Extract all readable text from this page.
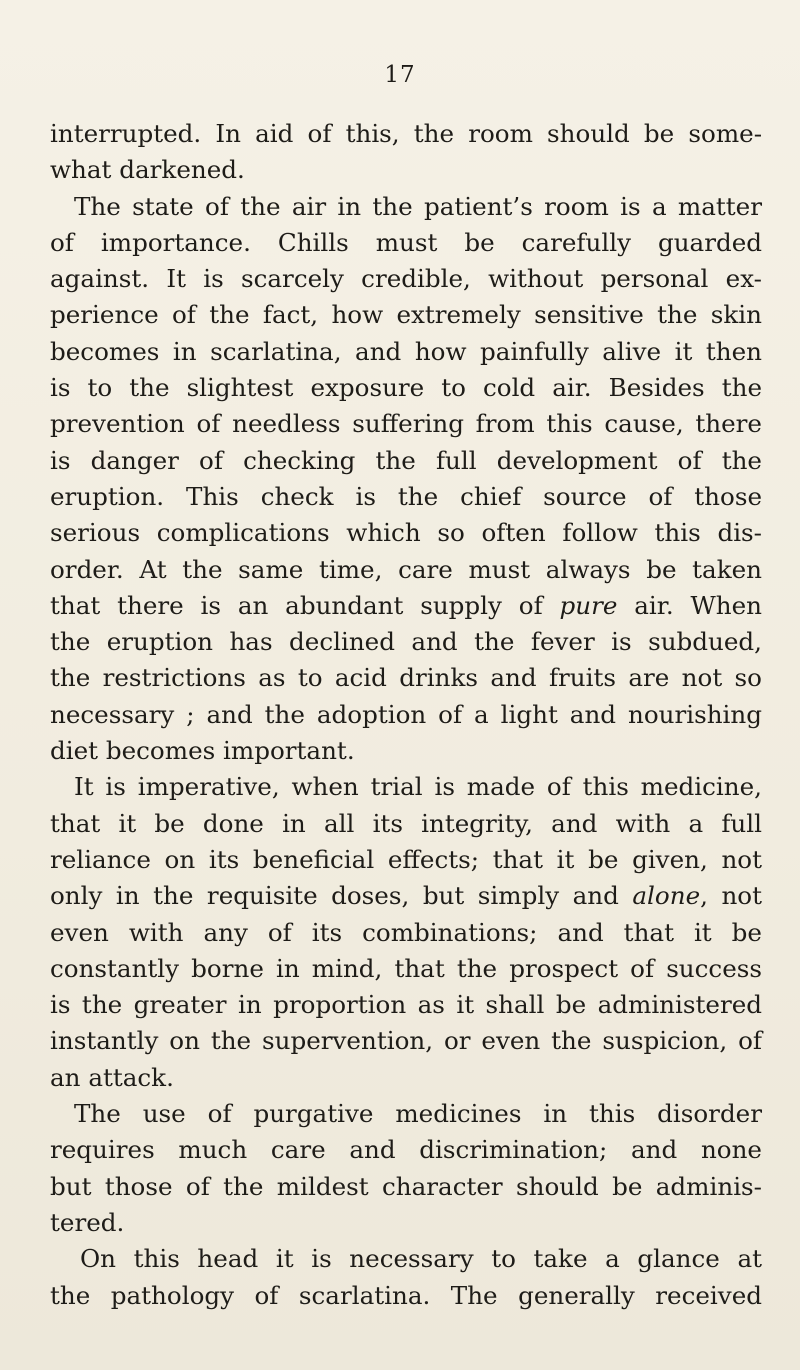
17
interrupted. In aid of this, the room should be some-
what darkened.
The state of the air in the patient’s room is a matter
of importance. Chills must be carefully guarded
against. It is scarcely credible, without personal ex-
perience of the fact, how extremely sensitive the skin
becomes in scarlatina, and how painfully alive it then
is to the slightest exposure to cold air. Besides the
prevention of needless suffering from this cause, there
is danger of checking the full development of the
eruption. This check is the chief source of those
serious complications which so often follow this dis-
order. At the same time, care must always be taken
that there is an abundant supply of pure air. When
the eruption has declined and the fever is subdued,
the restrictions as to acid drinks and fruits are not so
necessary ; and the adoption of a light and nourishing
diet becomes important.
It is imperative, when trial is made of this medicine,
that it be done in all its integrity, and with a full
reliance on its beneficial effects; that it be given, not
only in the requisite doses, but simply and alone, not
even with any of its combinations; and that it be
constantly borne in mind, that the prospect of success
is the greater in proportion as it shall be administered
instantly on the supervention, or even the suspicion, of
an attack.
The use of purgative medicines in this disorder
requires much care and discrimination; and none
but those of the mildest character should be adminis-
tered.
On this head it is necessary to take a glance at
the pathology of scarlatina. The generally received
